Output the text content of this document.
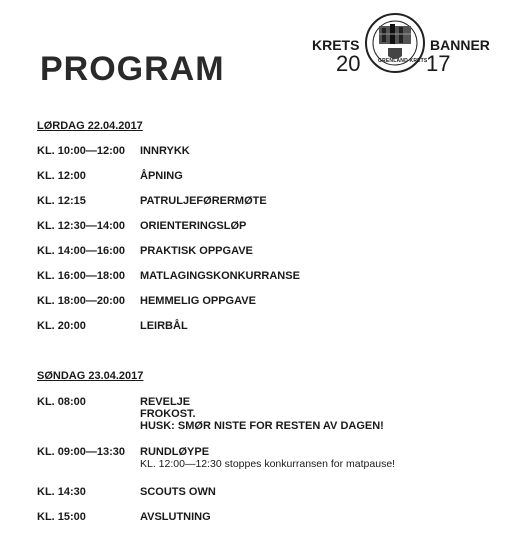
PROGRAM
KRETS	BANNER
20	17
GRENLAND KRETS
LØRDAG 22.04.2017
KL. 10:00—12:00 INNRYKK
KL. 12:00	ÅPNING
KL. 12:15	PATRULJEFØRERMØTE
KL. 12:30—14:00 ORIENTERINGSLØP
KL. 14:00—16:00 PRAKTISK OPPGAVE
KL. 16:00—18:00 MATLAGINGSKONKURRANSE
KL. 18:00—20:00 HEMMELIG OPPGAVE
KL. 20:00	LEIRBÅL
SØNDAG 23.04.2017
KL. 08:00	REVELJE
FROKOST.
HUSK: SMØR NISTE FOR RESTEN AV DAGEN!
KL. 09:00—13:30 RUNDLØYPE
KL. 12:00—12:30 stoppes konkurransen for matpause!
KL. 14:30	SCOUTS OWN
KL. 15:00	AVSLUTNING
